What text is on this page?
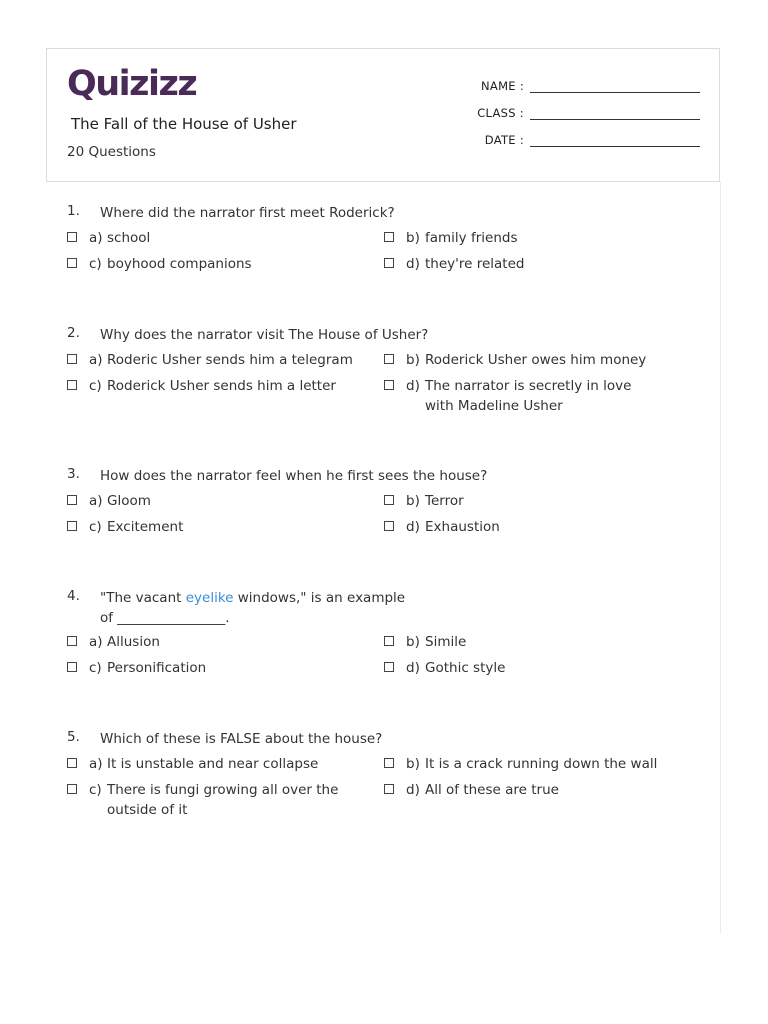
Quizizz
The Fall of the House of Usher
20 Questions
NAME :
CLASS :
DATE :
1. Where did the narrator first meet Roderick?
a) school	b) family friends
c) boyhood companions	d) they're related
2. Why does the narrator visit The House of Usher?
a) Roderic Usher sends him a telegram	b) Roderick Usher owes him money
c) Roderick Usher sends him a letter	d) The narrator is secretly in love with Madeline Usher
3. How does the narrator feel when he first sees the house?
a) Gloom	b) Terror
c) Excitement	d) Exhaustion
4. "The vacant eyelike windows," is an example of ________________.
a) Allusion	b) Simile
c) Personification	d) Gothic style
5. Which of these is FALSE about the house?
a) It is unstable and near collapse	b) It is a crack running down the wall
c) There is fungi growing all over the outside of it
d) All of these are true
